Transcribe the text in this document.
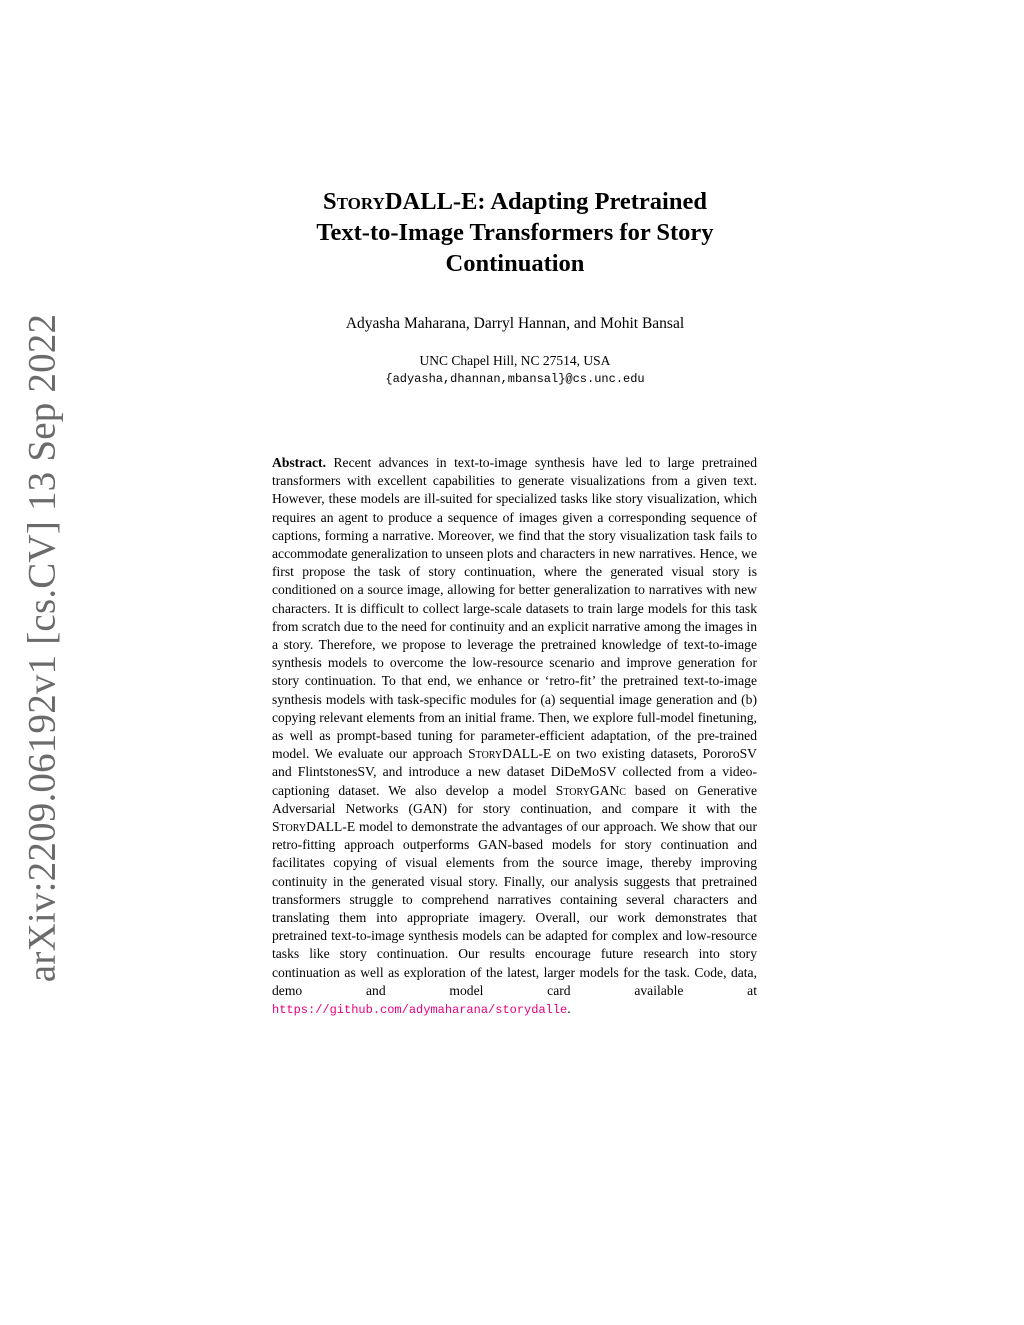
arXiv:2209.06192v1 [cs.CV] 13 Sep 2022
StoryDALL-E: Adapting Pretrained
Text-to-Image Transformers for Story
Continuation

Adyasha Maharana, Darryl Hannan, and Mohit Bansal

UNC Chapel Hill, NC 27514, USA
{adyasha,dhannan,mbansal}@cs.unc.edu

Abstract. Recent advances in text-to-image synthesis have led to large pretrained transformers with excellent capabilities to generate visualizations from a given text. However, these models are ill-suited for specialized tasks like story visualization, which requires an agent to produce a sequence of images given a corresponding sequence of captions, forming a narrative. Moreover, we find that the story visualization task fails to accommodate generalization to unseen plots and characters in new narratives. Hence, we first propose the task of story continuation, where the generated visual story is conditioned on a source image, allowing for better generalization to narratives with new characters. It is difficult to collect large-scale datasets to train large models for this task from scratch due to the need for continuity and an explicit narrative among the images in a story. Therefore, we propose to leverage the pretrained knowledge of text-to-image synthesis models to overcome the low-resource scenario and improve generation for story continuation. To that end, we enhance or ‘retro-fit’ the pretrained text-to-image synthesis models with task-specific modules for (a) sequential image generation and (b) copying relevant elements from an initial frame. Then, we explore full-model finetuning, as well as prompt-based tuning for parameter-efficient adaptation, of the pre-trained model. We evaluate our approach StoryDALL-E on two existing datasets, PororoSV and FlintstonesSV, and introduce a new dataset DiDeMoSV collected from a video-captioning dataset. We also develop a model StoryGANc based on Generative Adversarial Networks (GAN) for story continuation, and compare it with the StoryDALL-E model to demonstrate the advantages of our approach. We show that our retro-fitting approach outperforms GAN-based models for story continuation and facilitates copying of visual elements from the source image, thereby improving continuity in the generated visual story. Finally, our analysis suggests that pretrained transformers struggle to comprehend narratives containing several characters and translating them into appropriate imagery. Overall, our work demonstrates that pretrained text-to-image synthesis models can be adapted for complex and low-resource tasks like story continuation. Our results encourage future research into story continuation as well as exploration of the latest, larger models for the task. Code, data, demo and model card available at https://github.com/adymaharana/storydalle.
